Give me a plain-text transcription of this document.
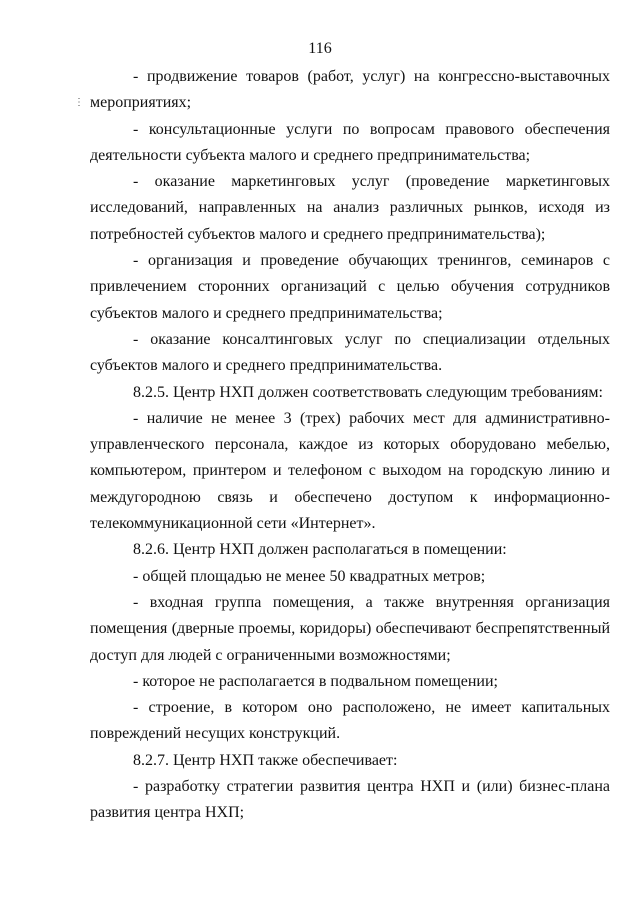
116
⋮

- продвижение товаров (работ, услуг) на конгрессно-выставочных мероприятиях;

- консультационные услуги по вопросам правового обеспечения деятельности субъекта малого и среднего предпринимательства;

- оказание маркетинговых услуг (проведение маркетинговых исследований, направленных на анализ различных рынков, исходя из потребностей субъектов малого и среднего предпринимательства);

- организация и проведение обучающих тренингов, семинаров с привлечением сторонних организаций с целью обучения сотрудников субъектов малого и среднего предпринимательства;

- оказание консалтинговых услуг по специализации отдельных субъектов малого и среднего предпринимательства.

8.2.5. Центр НХП должен соответствовать следующим требованиям:

- наличие не менее 3 (трех) рабочих мест для административно-управленческого персонала, каждое из которых оборудовано мебелью, компьютером, принтером и телефоном с выходом на городскую линию и междугородною связь и обеспечено доступом к информационно-телекоммуникационной сети «Интернет».

8.2.6. Центр НХП должен располагаться в помещении:

- общей площадью не менее 50 квадратных метров;

- входная группа помещения, а также внутренняя организация помещения (дверные проемы, коридоры) обеспечивают беспрепятственный доступ для людей с ограниченными возможностями;

- которое не располагается в подвальном помещении;

- строение, в котором оно расположено, не имеет капитальных повреждений несущих конструкций.

8.2.7. Центр НХП также обеспечивает:

- разработку стратегии развития центра НХП и (или) бизнес-плана развития центра НХП;
